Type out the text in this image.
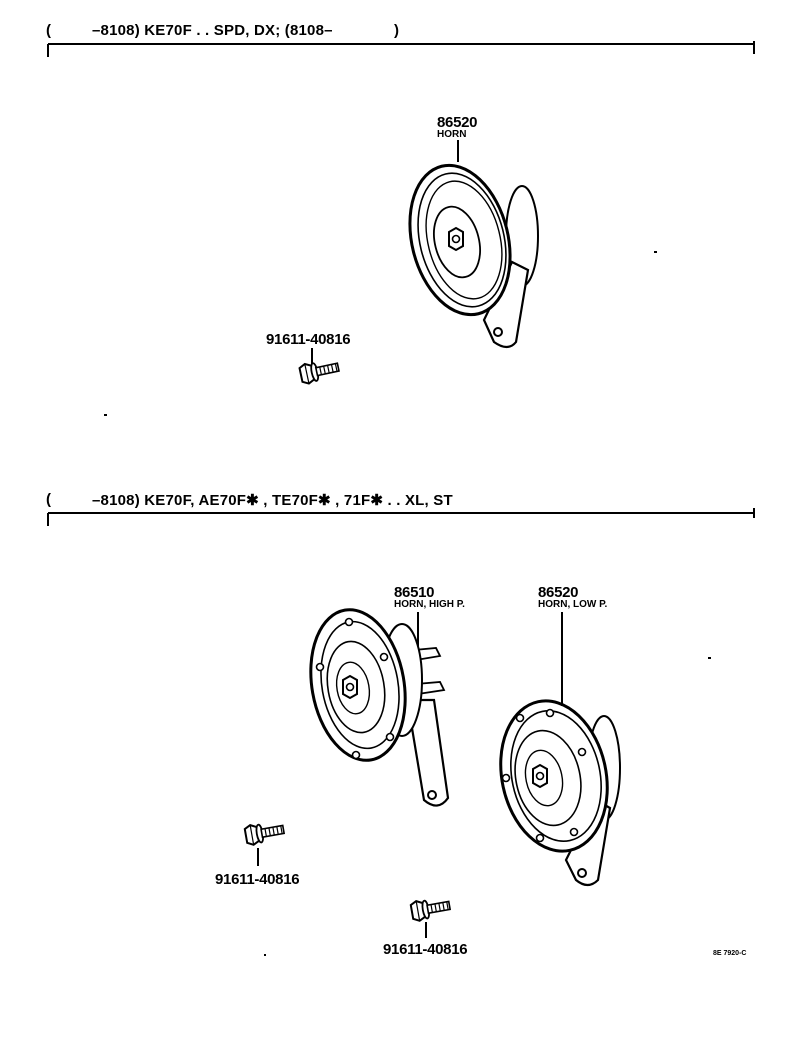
(	–8108) KE70F . . SPD, DX; (8108–	)
86520
HORN
91611-40816
(	–8108) KE70F, AE70F✱ , TE70F✱ , 71F✱ . . XL, ST
86510
HORN, HIGH P.
86520
HORN, LOW P.
91611-40816
91611-40816	8E 7920-C
